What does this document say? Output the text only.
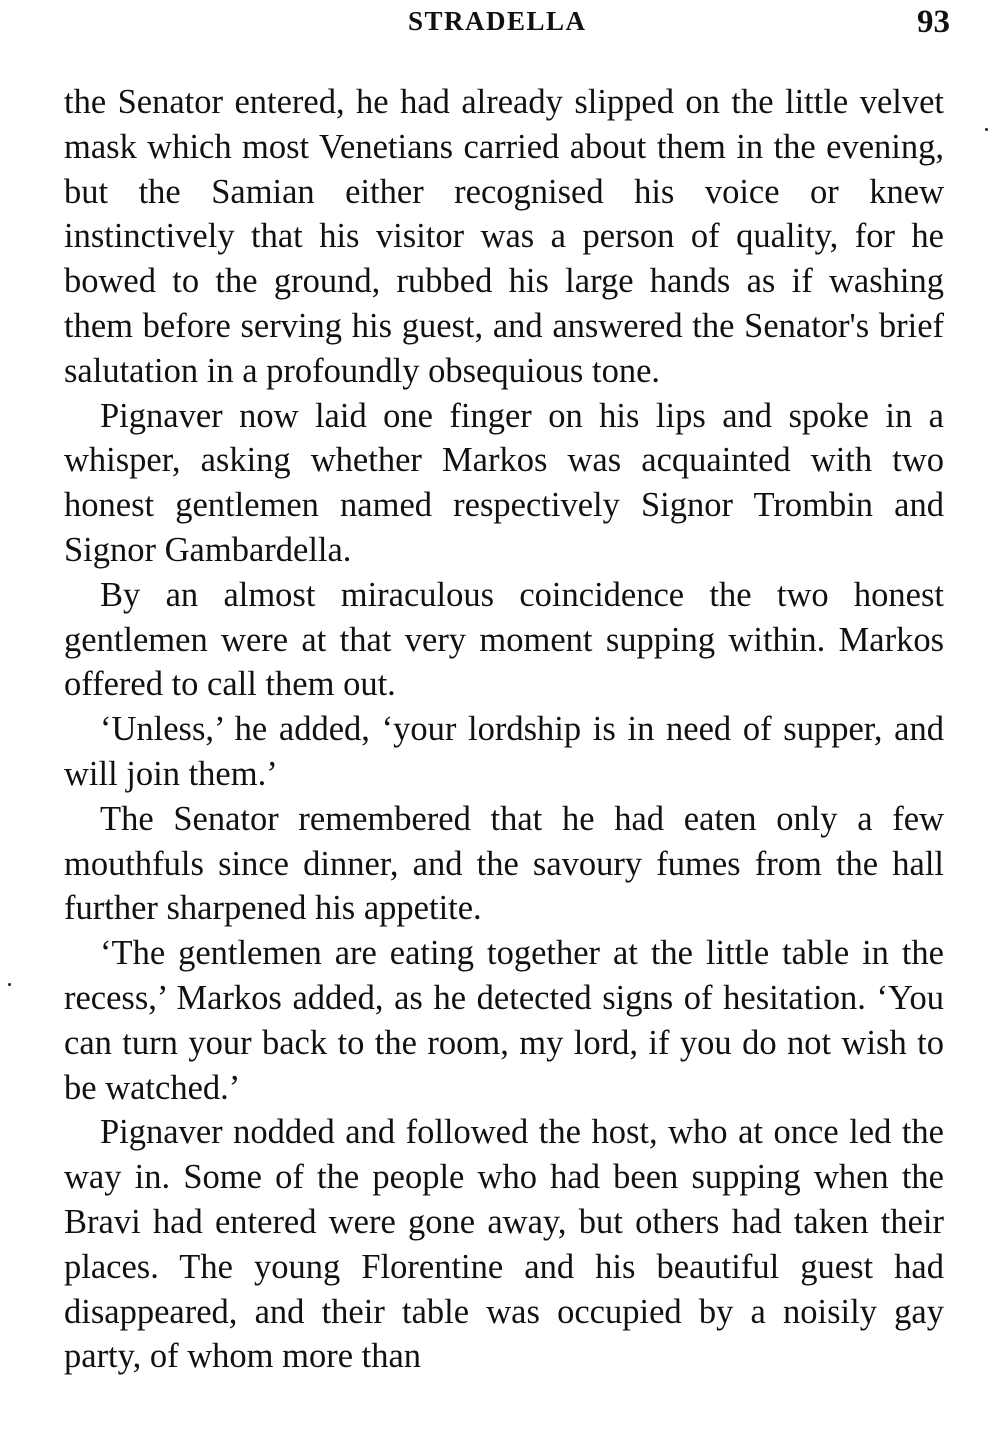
STRADELLA	93

the Senator entered, he had already slipped on the little velvet mask which most Venetians carried about them in the evening, but the Samian either recognised his voice or knew instinctively that his visitor was a person of quality, for he bowed to the ground, rubbed his large hands as if washing them before serving his guest, and answered the Senator's brief salutation in a profoundly obsequious tone.

Pignaver now laid one finger on his lips and spoke in a whisper, asking whether Markos was acquainted with two honest gentlemen named respectively Signor Trombin and Signor Gambardella.

By an almost miraculous coincidence the two honest gentlemen were at that very moment supping within. Markos offered to call them out.

‘Unless,’ he added, ‘your lordship is in need of supper, and will join them.’

The Senator remembered that he had eaten only a few mouthfuls since dinner, and the savoury fumes from the hall further sharpened his appetite.

‘The gentlemen are eating together at the little table in the recess,’ Markos added, as he detected signs of hesitation. ‘You can turn your back to the room, my lord, if you do not wish to be watched.’

Pignaver nodded and followed the host, who at once led the way in. Some of the people who had been supping when the Bravi had entered were gone away, but others had taken their places. The young Florentine and his beautiful guest had disappeared, and their table was occupied by a noisily gay party, of whom more than
